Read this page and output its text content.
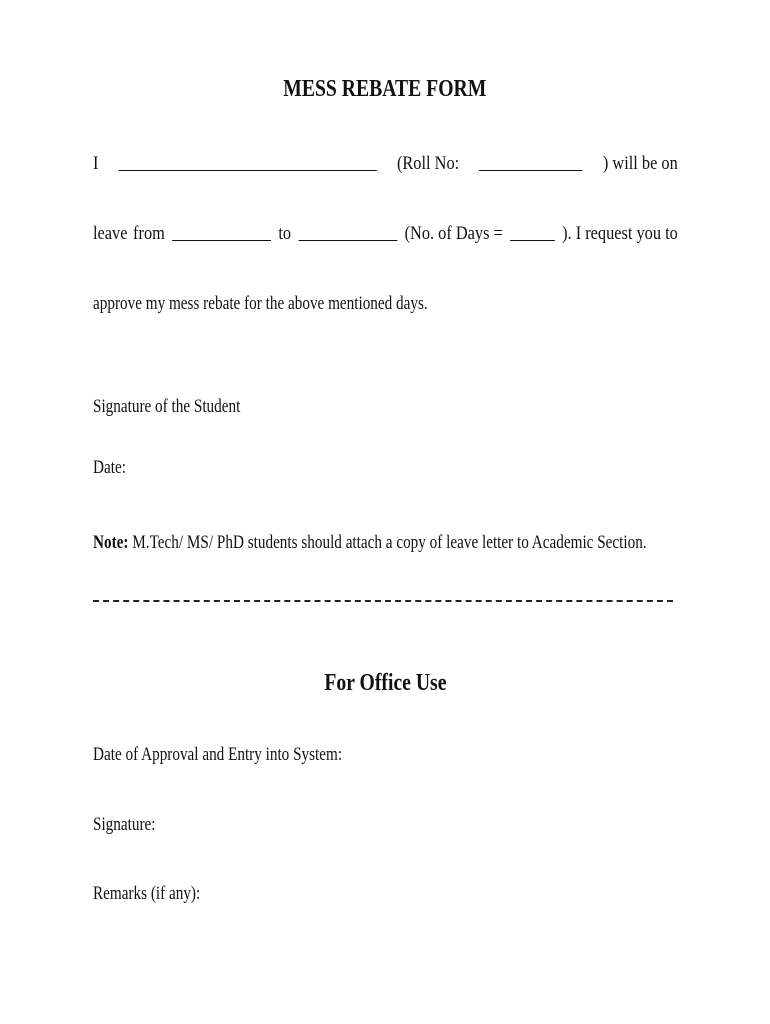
MESS REBATE FORM
I	(Roll No:	) will be on
leave from	to	(No. of Days =	). I request you to
approve my mess rebate for the above mentioned days.
Signature of the Student
Date:
Note: M.Tech/ MS/ PhD students should attach a copy of leave letter to Academic Section.
For Office Use
Date of Approval and Entry into System:
Signature:
Remarks (if any):
